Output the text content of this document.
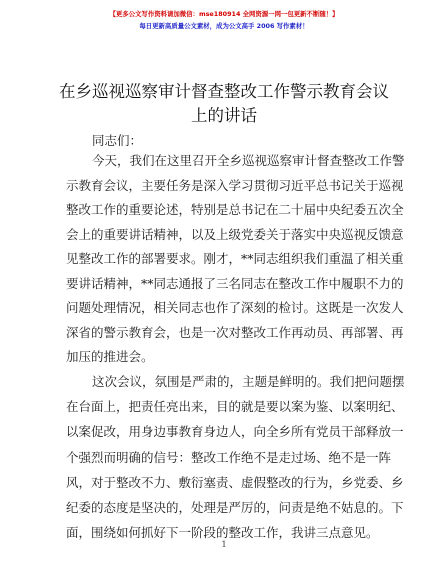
【更多公文写作资料请加微信：mse180914 全网资源一网一包更新不断随！】
每日更新高质量公文素材，成为公文高手 2006 写作素材！
在乡巡视巡察审计督查整改工作警示教育会议
上的讲话
同志们：
今天，我们在这里召开全乡巡视巡察审计督查整改工作警
示教育会议，主要任务是深入学习贯彻习近平总书记关于巡视
整改工作的重要论述，特别是总书记在二十届中央纪委五次全
会上的重要讲话精神，以及上级党委关于落实中央巡视反馈意
见整改工作的部署要求。刚才，**同志组织我们重温了相关重
要讲话精神，**同志通报了三名同志在整改工作中履职不力的
问题处理情况，相关同志也作了深刻的检讨。这既是一次发人
深省的警示教育会，也是一次对整改工作再动员、再部署、再
加压的推进会。
这次会议，氛围是严肃的，主题是鲜明的。我们把问题摆
在台面上，把责任亮出来，目的就是要以案为鉴、以案明纪、
以案促改，用身边事教育身边人，向全乡所有党员干部释放一
个强烈而明确的信号：整改工作绝不是走过场、绝不是一阵
风，对于整改不力、敷衍塞责、虚假整改的行为，乡党委、乡
纪委的态度是坚决的，处理是严厉的，问责是绝不姑息的。下
面，围绕如何抓好下一阶段的整改工作，我讲三点意见。
1
